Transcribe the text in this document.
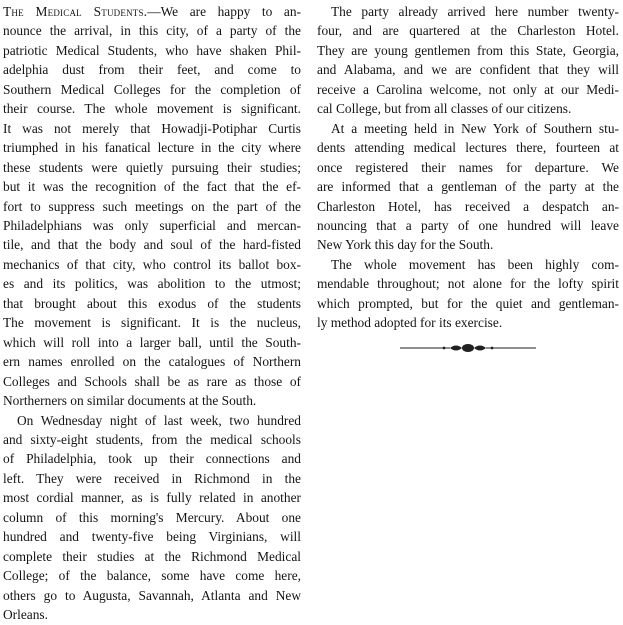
The Medical Students.—We are happy to an-
nounce the arrival, in this city, of a party of the
patriotic Medical Students, who have shaken Phil-
adelphia dust from their feet, and come to
Southern Medical Colleges for the completion of
their course. The whole movement is significant.
It was not merely that Howadji-Potiphar Curtis
triumphed in his fanatical lecture in the city where
these students were quietly pursuing their studies;
but it was the recognition of the fact that the ef-
fort to suppress such meetings on the part of the
Philadelphians was only superficial and mercan-
tile, and that the body and soul of the hard-fisted
mechanics of that city, who control its ballot box-
es and its politics, was abolition to the utmost;
that brought about this exodus of the students
The movement is significant. It is the nucleus,
which will roll into a larger ball, until the South-
ern names enrolled on the catalogues of Northern
Colleges and Schools shall be as rare as those of
Northerners on similar documents at the South.
On Wednesday night of last week, two hundred
and sixty-eight students, from the medical schools
of Philadelphia, took up their connections and
left. They were received in Richmond in the
most cordial manner, as is fully related in another
column of this morning's Mercury. About one
hundred and twenty-five being Virginians, will
complete their studies at the Richmond Medical
College; of the balance, some have come here,
others go to Augusta, Savannah, Atlanta and New
Orleans.
The party already arrived here number twenty-
four, and are quartered at the Charleston Hotel.
They are young gentlemen from this State, Georgia,
and Alabama, and we are confident that they will
receive a Carolina welcome, not only at our Medi-
cal College, but from all classes of our citizens.
At a meeting held in New York of Southern stu-
dents attending medical lectures there, fourteen at
once registered their names for departure. We
are informed that a gentleman of the party at the
Charleston Hotel, has received a despatch an-
nouncing that a party of one hundred will leave
New York this day for the South.
The whole movement has been highly com-
mendable throughout; not alone for the lofty spirit
which prompted, but for the quiet and gentleman-
ly method adopted for its exercise.
